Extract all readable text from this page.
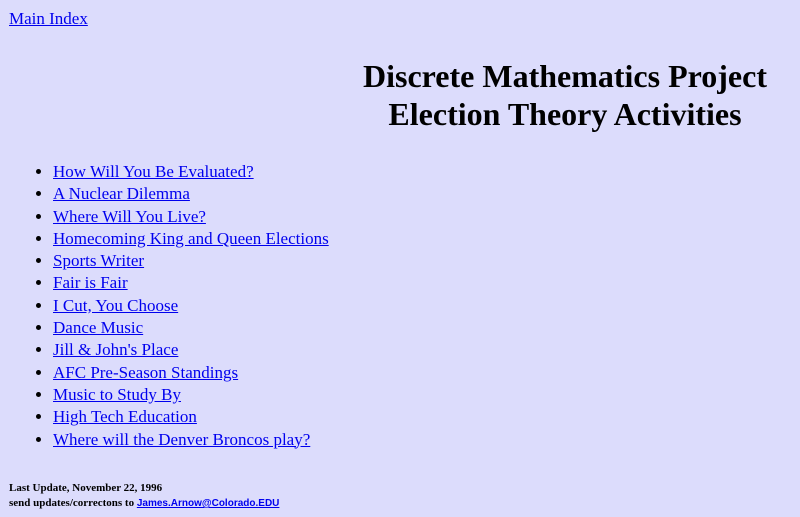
Main Index
Discrete Mathematics Project
Election Theory Activities
• How Will You Be Evaluated?
• A Nuclear Dilemma
• Where Will You Live?
• Homecoming King and Queen Elections
• Sports Writer
• Fair is Fair
• I Cut, You Choose
• Dance Music
• Jill & John's Place
• AFC Pre-Season Standings
• Music to Study By
• High Tech Education
• Where will the Denver Broncos play?
Last Update, November 22, 1996
send updates/correctons to James.Arnow@Colorado.EDU
